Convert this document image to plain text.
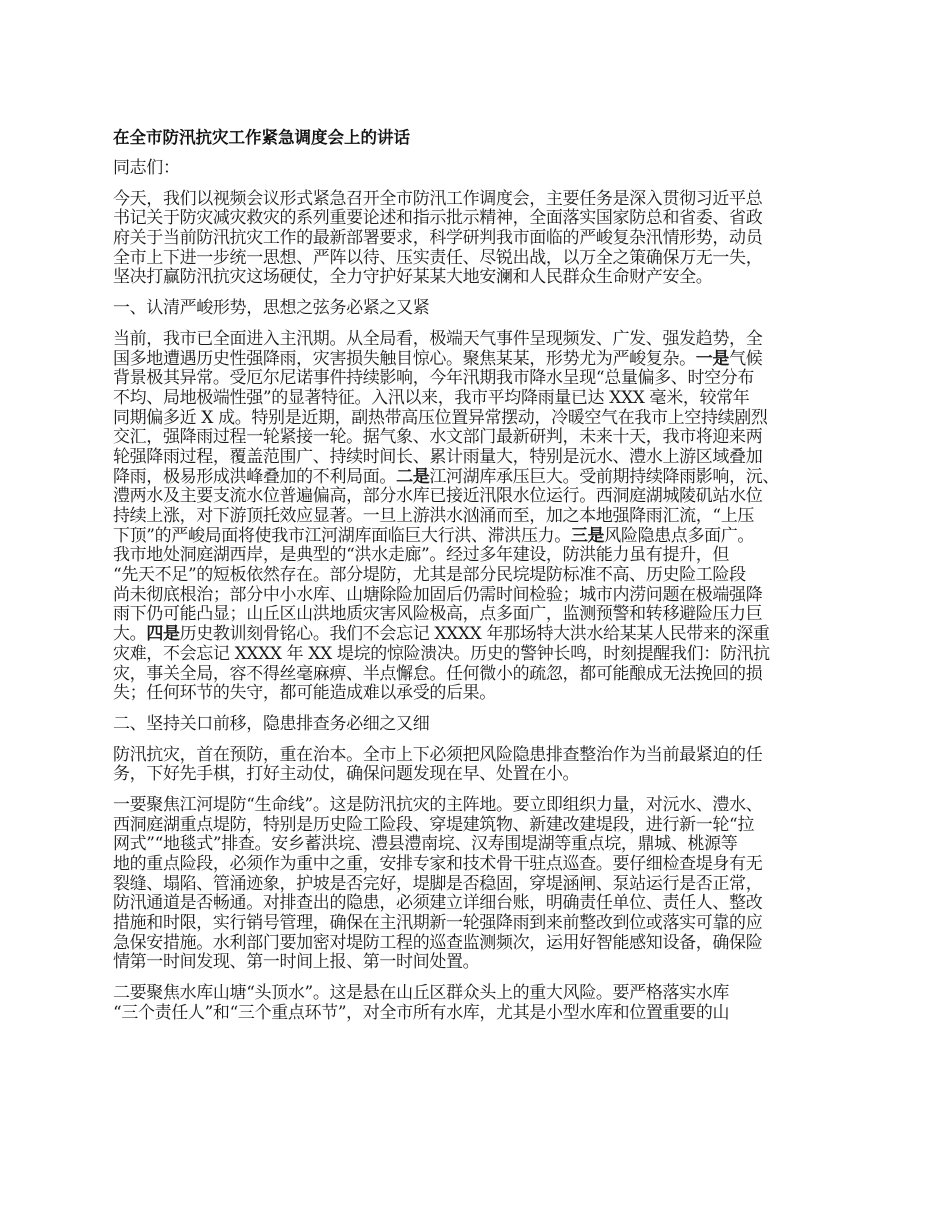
在全市防汛抗灾工作紧急调度会上的讲话
同志们：
今天，我们以视频会议形式紧急召开全市防汛工作调度会，主要任务是深入贯彻习近平总
书记关于防灾减灾救灾的系列重要论述和指示批示精神，全面落实国家防总和省委、省政
府关于当前防汛抗灾工作的最新部署要求，科学研判我市面临的严峻复杂汛情形势，动员
全市上下进一步统一思想、严阵以待、压实责任、尽锐出战，以万全之策确保万无一失，
坚决打赢防汛抗灾这场硬仗，全力守护好某某大地安澜和人民群众生命财产安全。
一、认清严峻形势，思想之弦务必紧之又紧
当前，我市已全面进入主汛期。从全局看，极端天气事件呈现频发、广发、强发趋势，全
国多地遭遇历史性强降雨，灾害损失触目惊心。聚焦某某，形势尤为严峻复杂。一是气候
背景极其异常。受厄尔尼诺事件持续影响，今年汛期我市降水呈现“总量偏多、时空分布
不均、局地极端性强”的显著特征。入汛以来，我市平均降雨量已达 XXX 毫米，较常年
同期偏多近 X 成。特别是近期，副热带高压位置异常摆动，冷暖空气在我市上空持续剧烈
交汇，强降雨过程一轮紧接一轮。据气象、水文部门最新研判，未来十天，我市将迎来两
轮强降雨过程，覆盖范围广、持续时间长、累计雨量大，特别是沅水、澧水上游区域叠加
降雨，极易形成洪峰叠加的不利局面。二是江河湖库承压巨大。受前期持续降雨影响，沅、
澧两水及主要支流水位普遍偏高，部分水库已接近汛限水位运行。西洞庭湖城陵矶站水位
持续上涨，对下游顶托效应显著。一旦上游洪水汹涌而至，加之本地强降雨汇流，“上压
下顶”的严峻局面将使我市江河湖库面临巨大行洪、滞洪压力。三是风险隐患点多面广。
我市地处洞庭湖西岸，是典型的“洪水走廊”。经过多年建设，防洪能力虽有提升，但
“先天不足”的短板依然存在。部分堤防，尤其是部分民垸堤防标准不高、历史险工险段
尚未彻底根治；部分中小水库、山塘除险加固后仍需时间检验；城市内涝问题在极端强降
雨下仍可能凸显；山丘区山洪地质灾害风险极高，点多面广，监测预警和转移避险压力巨
大。四是历史教训刻骨铭心。我们不会忘记 XXXX 年那场特大洪水给某某人民带来的深重
灾难，不会忘记 XXXX 年 XX 堤垸的惊险溃决。历史的警钟长鸣，时刻提醒我们：防汛抗
灾，事关全局，容不得丝毫麻痹、半点懈怠。任何微小的疏忽，都可能酿成无法挽回的损
失；任何环节的失守，都可能造成难以承受的后果。
二、坚持关口前移，隐患排查务必细之又细
防汛抗灾，首在预防，重在治本。全市上下必须把风险隐患排查整治作为当前最紧迫的任
务，下好先手棋，打好主动仗，确保问题发现在早、处置在小。
一要聚焦江河堤防“生命线”。这是防汛抗灾的主阵地。要立即组织力量，对沅水、澧水、
西洞庭湖重点堤防，特别是历史险工险段、穿堤建筑物、新建改建堤段，进行新一轮“拉
网式”“地毯式”排查。安乡蓄洪垸、澧县澧南垸、汉寿围堤湖等重点垸，鼎城、桃源等
地的重点险段，必须作为重中之重，安排专家和技术骨干驻点巡查。要仔细检查堤身有无
裂缝、塌陷、管涌迹象，护坡是否完好，堤脚是否稳固，穿堤涵闸、泵站运行是否正常，
防汛通道是否畅通。对排查出的隐患，必须建立详细台账，明确责任单位、责任人、整改
措施和时限，实行销号管理，确保在主汛期新一轮强降雨到来前整改到位或落实可靠的应
急保安措施。水利部门要加密对堤防工程的巡查监测频次，运用好智能感知设备，确保险
情第一时间发现、第一时间上报、第一时间处置。
二要聚焦水库山塘“头顶水”。这是悬在山丘区群众头上的重大风险。要严格落实水库
“三个责任人”和“三个重点环节”，对全市所有水库，尤其是小型水库和位置重要的山
